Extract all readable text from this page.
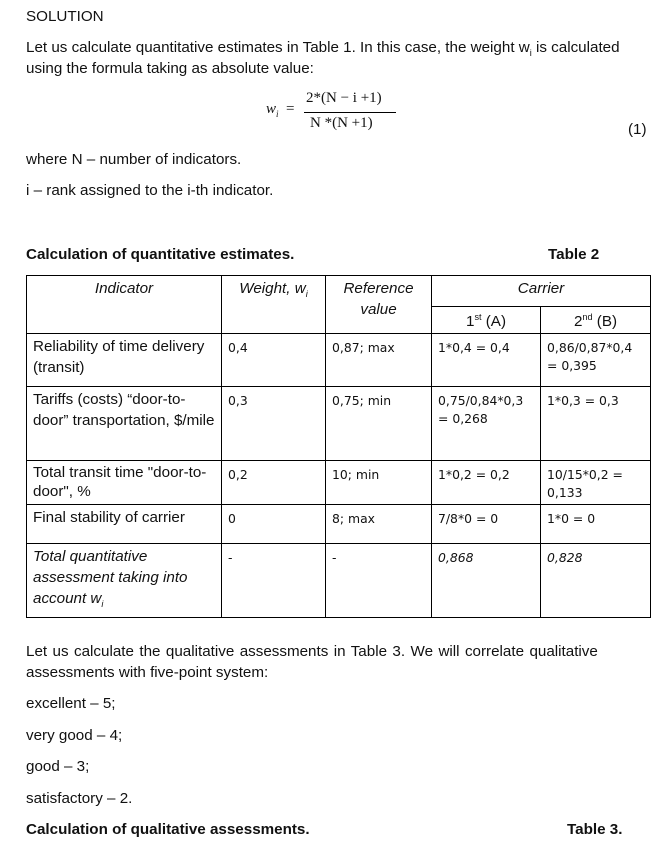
SOLUTION
Let us calculate quantitative estimates in Table 1. In this case, the weight $w_i$ is calculated
using the formula taking as absolute value:
$w_i$ =
2*(N − i +1)
N *(N +1)	(1)
where N – number of indicators.
i – rank assigned to the i-th indicator.
Calculation of quantitative estimates.	Table 2
Indicator	Weight, $w_i$	Reference value	Carrier	
			1st (A)	2nd (B)
Reliability of time delivery (transit)	0,4	0,87; max	1*0,4 = 0,4	0,86/0,87*0,4 = 0,395
Tariffs (costs) “door-to-door” transportation, $/mile	0,3	0,75; min	0,75/0,84*0,3 = 0,268	1*0,3 = 0,3
Total transit time "door-to-door", %	0,2	10; min	1*0,2 = 0,2	10/15*0,2 = 0,133
Final stability of carrier	0	8; max	7/8*0 = 0	1*0 = 0
Total quantitative assessment taking into account $w_i$	-	-	0,868	0,828
Let us calculate the qualitative assessments in Table 3. We will correlate qualitative
assessments with five-point system:
excellent – 5;
very good – 4;
good – 3;
satisfactory – 2.
Calculation of qualitative assessments.	Table 3.
